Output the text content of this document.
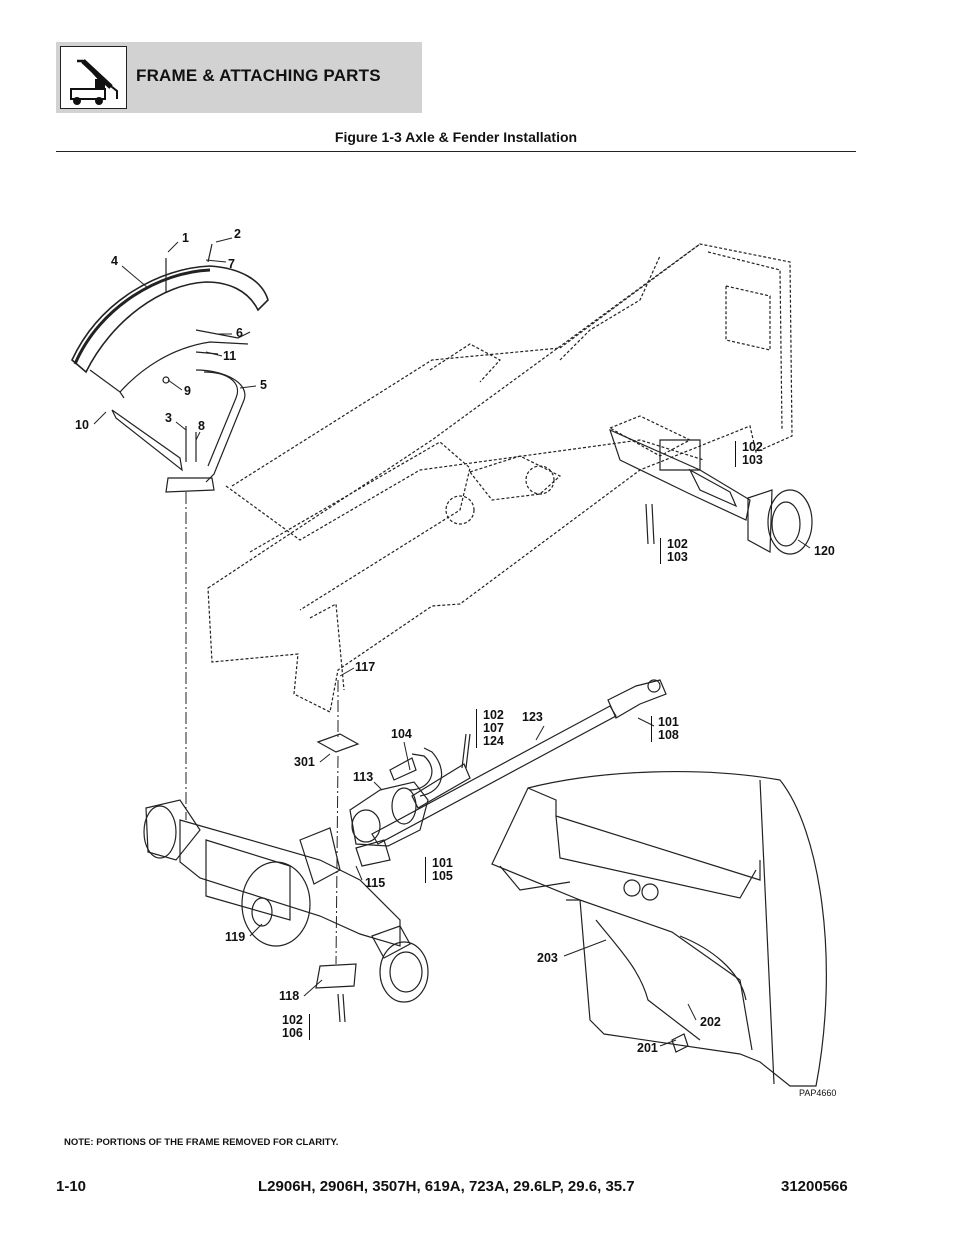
FRAME & ATTACHING PARTS
Figure 1-3 Axle & Fender Installation
1	2
4	7
6
11
9	5
10	3
8
102
103
102
103	120
117
102
107
124
123	101
108
104
301
113
101
105
115
119
118
102
106
203
202
201
PAP4660
NOTE: PORTIONS OF THE FRAME REMOVED FOR CLARITY.
1-10	L2906H, 2906H, 3507H, 619A, 723A, 29.6LP, 29.6, 35.7	31200566
